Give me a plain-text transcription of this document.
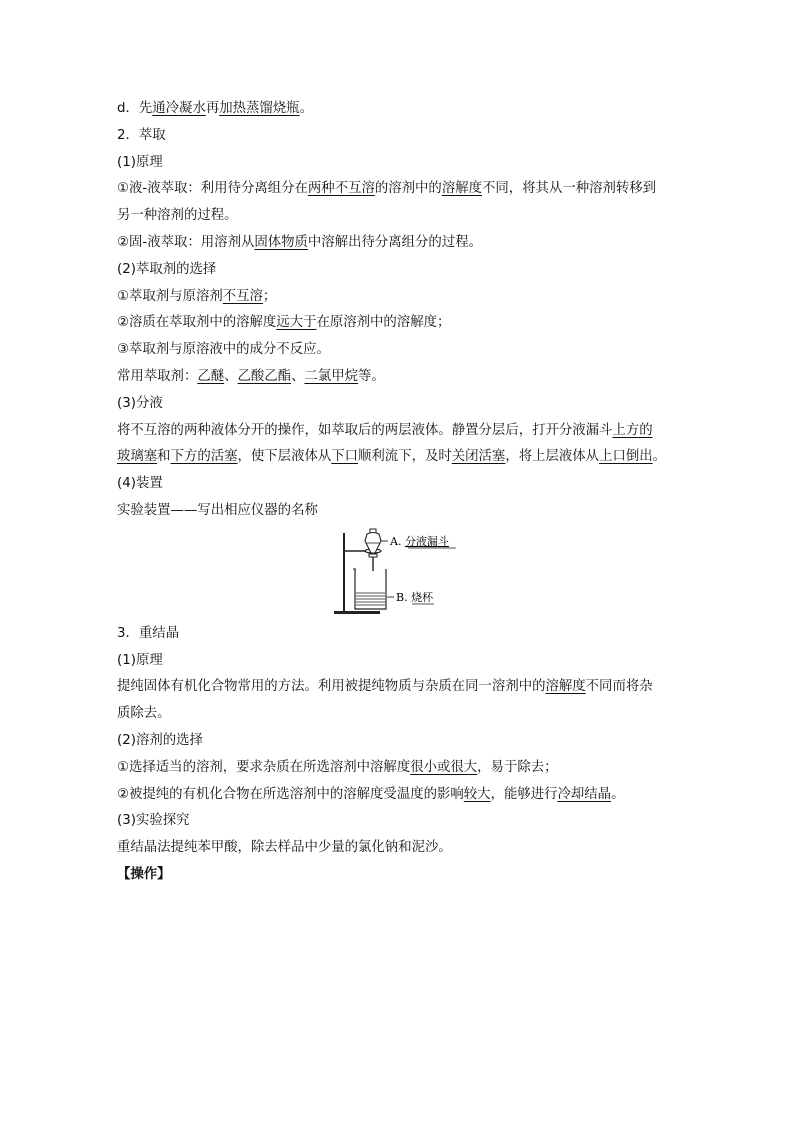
d．先通冷凝水再加热蒸馏烧瓶。
2．萃取
(1)原理
①液-液萃取：利用待分离组分在两种不互溶的溶剂中的溶解度不同，将其从一种溶剂转移到
另一种溶剂的过程。
②固-液萃取：用溶剂从固体物质中溶解出待分离组分的过程。
(2)萃取剂的选择
①萃取剂与原溶剂不互溶；
②溶质在萃取剂中的溶解度远大于在原溶剂中的溶解度；
③萃取剂与原溶液中的成分不反应。
常用萃取剂：乙醚、乙酸乙酯、二氯甲烷等。
(3)分液
将不互溶的两种液体分开的操作，如萃取后的两层液体。静置分层后，打开分液漏斗上方的
玻璃塞和下方的活塞，使下层液体从下口顺利流下，及时关闭活塞，将上层液体从上口倒出。
(4)装置
实验装置——写出相应仪器的名称
A. 分液漏斗
B. 烧杯
3．重结晶
(1)原理
提纯固体有机化合物常用的方法。利用被提纯物质与杂质在同一溶剂中的溶解度不同而将杂
质除去。
(2)溶剂的选择
①选择适当的溶剂，要求杂质在所选溶剂中溶解度很小或很大，易于除去；
②被提纯的有机化合物在所选溶剂中的溶解度受温度的影响较大，能够进行冷却结晶。
(3)实验探究
重结晶法提纯苯甲酸，除去样品中少量的氯化钠和泥沙。
【操作】
